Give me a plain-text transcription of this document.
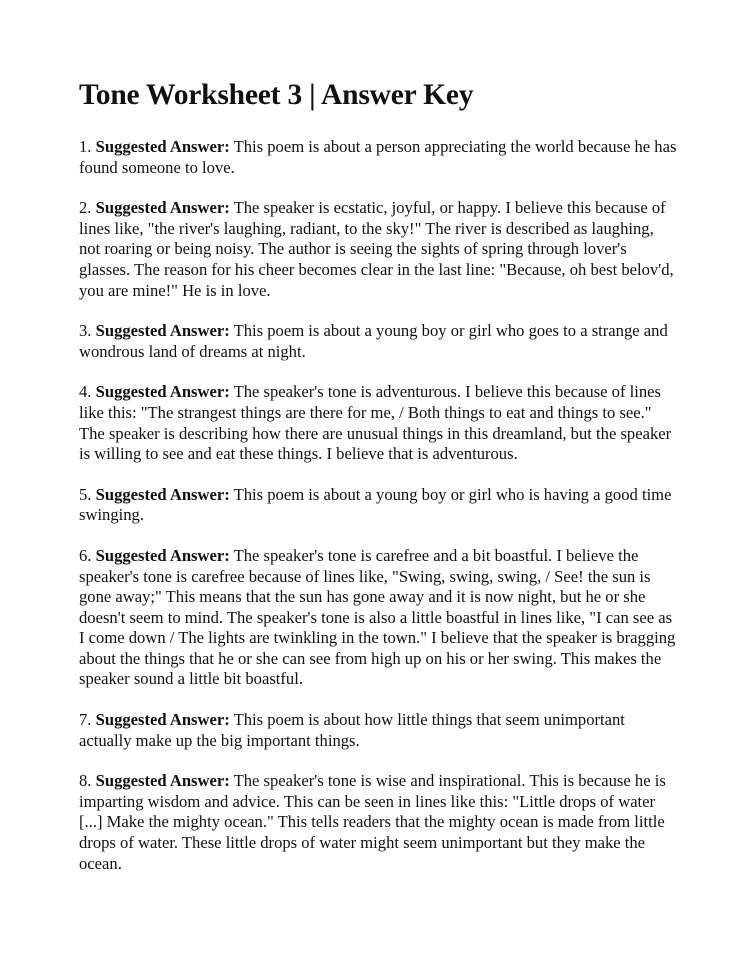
Tone Worksheet 3 | Answer Key

1. Suggested Answer: This poem is about a person appreciating the world because he has found someone to love.

2. Suggested Answer: The speaker is ecstatic, joyful, or happy. I believe this because of lines like, "the river's laughing, radiant, to the sky!" The river is described as laughing, not roaring or being noisy. The author is seeing the sights of spring through lover's glasses. The reason for his cheer becomes clear in the last line: "Because, oh best belov'd, you are mine!" He is in love.

3. Suggested Answer: This poem is about a young boy or girl who goes to a strange and wondrous land of dreams at night.

4. Suggested Answer: The speaker's tone is adventurous. I believe this because of lines like this: "The strangest things are there for me, / Both things to eat and things to see." The speaker is describing how there are unusual things in this dreamland, but the speaker is willing to see and eat these things. I believe that is adventurous.

5. Suggested Answer: This poem is about a young boy or girl who is having a good time swinging.

6. Suggested Answer: The speaker's tone is carefree and a bit boastful. I believe the speaker's tone is carefree because of lines like, "Swing, swing, swing, / See! the sun is gone away;" This means that the sun has gone away and it is now night, but he or she doesn't seem to mind. The speaker's tone is also a little boastful in lines like, "I can see as I come down / The lights are twinkling in the town." I believe that the speaker is bragging about the things that he or she can see from high up on his or her swing. This makes the speaker sound a little bit boastful.

7. Suggested Answer: This poem is about how little things that seem unimportant actually make up the big important things.

8. Suggested Answer: The speaker's tone is wise and inspirational. This is because he is imparting wisdom and advice. This can be seen in lines like this: "Little drops of water [...] Make the mighty ocean." This tells readers that the mighty ocean is made from little drops of water. These little drops of water might seem unimportant but they make the ocean.
